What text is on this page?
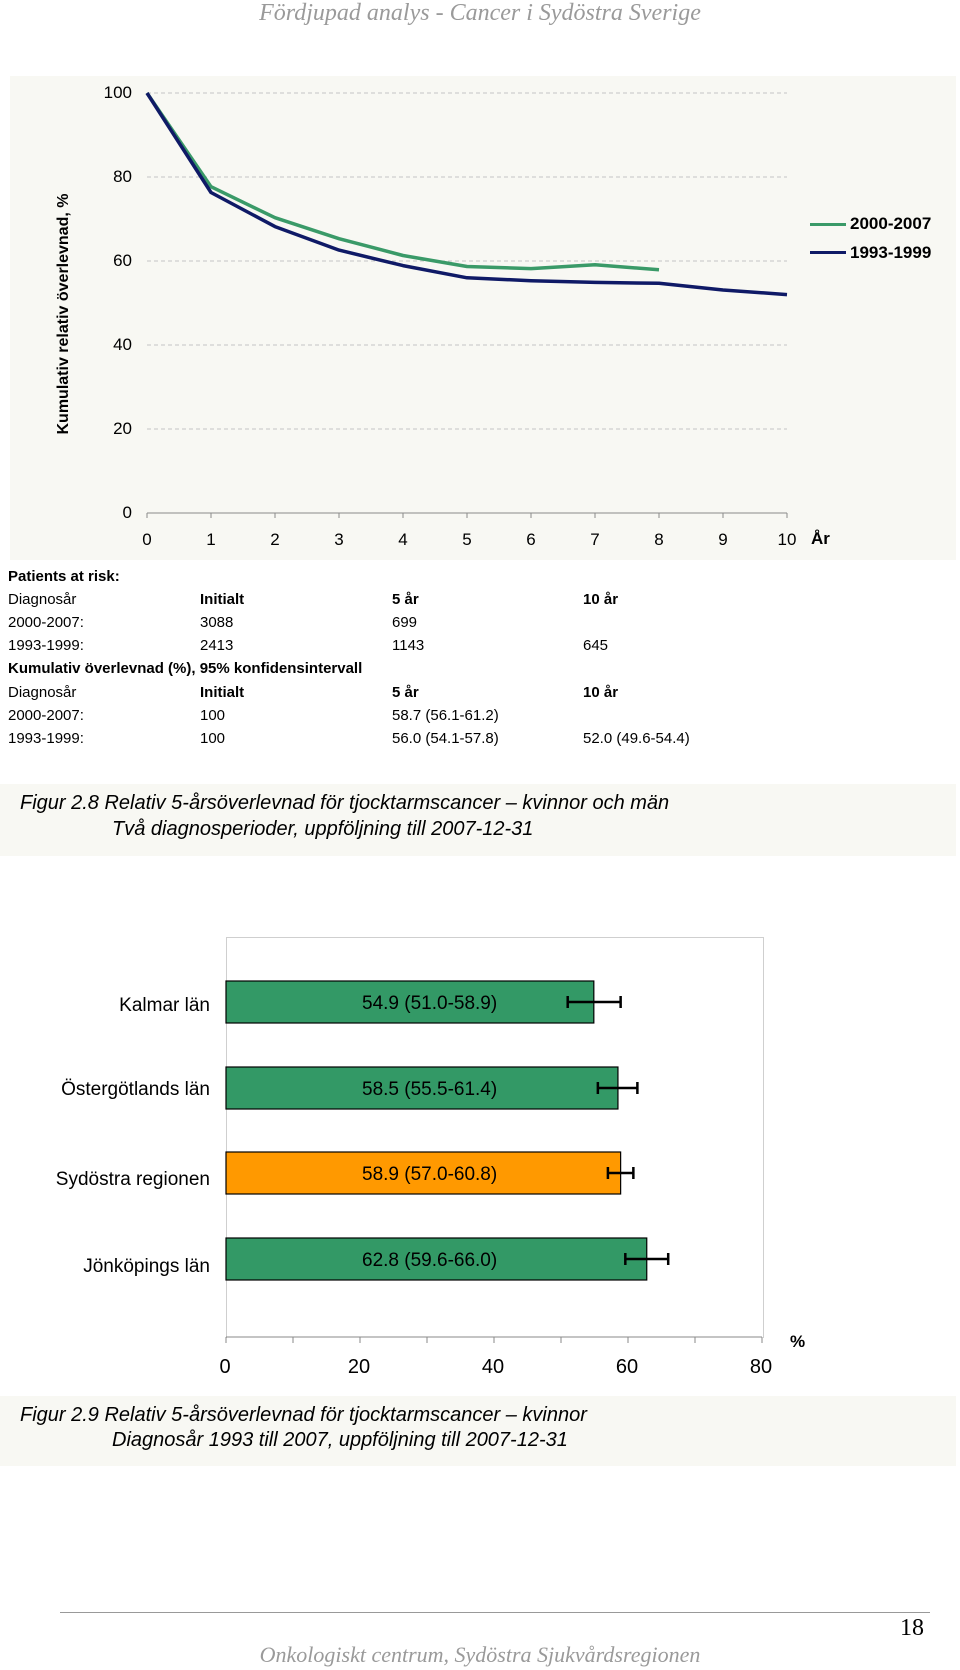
Fördjupad analys - Cancer i Sydöstra Sverige
Kumulativ relativ överlevnad, %
0
20
40
60
80
100
0	1	2	3	4	5	6	7	8	9	10 År
2000-2007
1993-1999
Patients at risk:
Diagnosår	Initialt	5 år	10 år
2000-2007:	3088	699
1993-1999:	2413	1143	645
Kumulativ överlevnad (%), 95% konfidensintervall
Diagnosår	Initialt	5 år	10 år
2000-2007:	100	58.7 (56.1-61.2)
1993-1999:	100	56.0 (54.1-57.8)	52.0 (49.6-54.4)
Figur 2.8 Relativ 5-årsöverlevnad för tjocktarmscancer – kvinnor och män
Två diagnosperioder, uppföljning till 2007-12-31
54.9 (51.0-58.9)
58.5 (55.5-61.4)
58.9 (57.0-60.8)
62.8 (59.6-66.0)
Kalmar län
Östergötlands län
Sydöstra regionen
Jönköpings län
0	20	40	60	80
%
Figur 2.9 Relativ 5-årsöverlevnad för tjocktarmscancer – kvinnor
Diagnosår 1993 till 2007, uppföljning till 2007-12-31
18
Onkologiskt centrum, Sydöstra Sjukvårdsregionen
